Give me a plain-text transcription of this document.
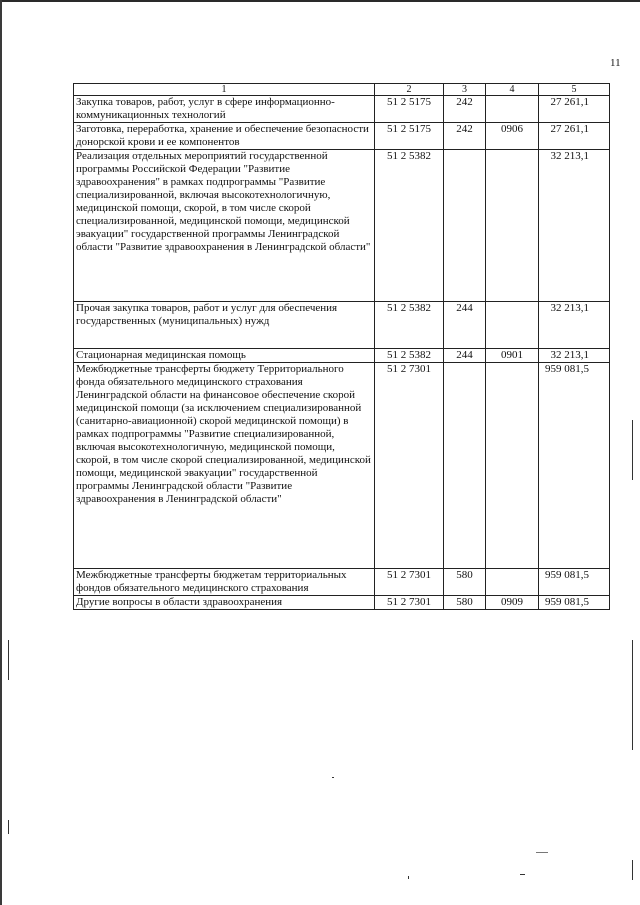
11
1	2	3	4	5
Закупка товаров, работ, услуг в сфере информационно-коммуникационных технологий	51 2 5175	242		27 261,1
Заготовка, переработка, хранение и обеспечение безопасности донорской крови и ее компонентов	51 2 5175	242	0906	27 261,1
Реализация отдельных мероприятий государственной программы Российской Федерации "Развитие здравоохранения" в рамках подпрограммы "Развитие специализированной, включая высокотехнологичную, медицинской помощи, скорой, в том числе скорой специализированной, медицинской помощи, медицинской эвакуации" государственной программы Ленинградской области "Развитие здравоохранения в Ленинградской области"	51 2 5382			32 213,1
Прочая закупка товаров, работ и услуг для обеспечения государственных (муниципальных) нужд	51 2 5382	244		32 213,1
Стационарная медицинская помощь	51 2 5382	244	0901	32 213,1
Межбюджетные трансферты бюджету Территориального фонда обязательного медицинского страхования Ленинградской области на финансовое обеспечение скорой медицинской помощи (за исключением специализированной (санитарно-авиационной) скорой медицинской помощи) в рамках подпрограммы "Развитие специализированной, включая высокотехнологичную, медицинской помощи, скорой, в том числе скорой специализированной, медицинской помощи, медицинской эвакуации" государственной программы Ленинградской области "Развитие здравоохранения в Ленинградской области"	51 2 7301			959 081,5
Межбюджетные трансферты бюджетам территориальных фондов обязательного медицинского страхования	51 2 7301	580		959 081,5
Другие вопросы в области здравоохранения	51 2 7301	580	0909	959 081,5
